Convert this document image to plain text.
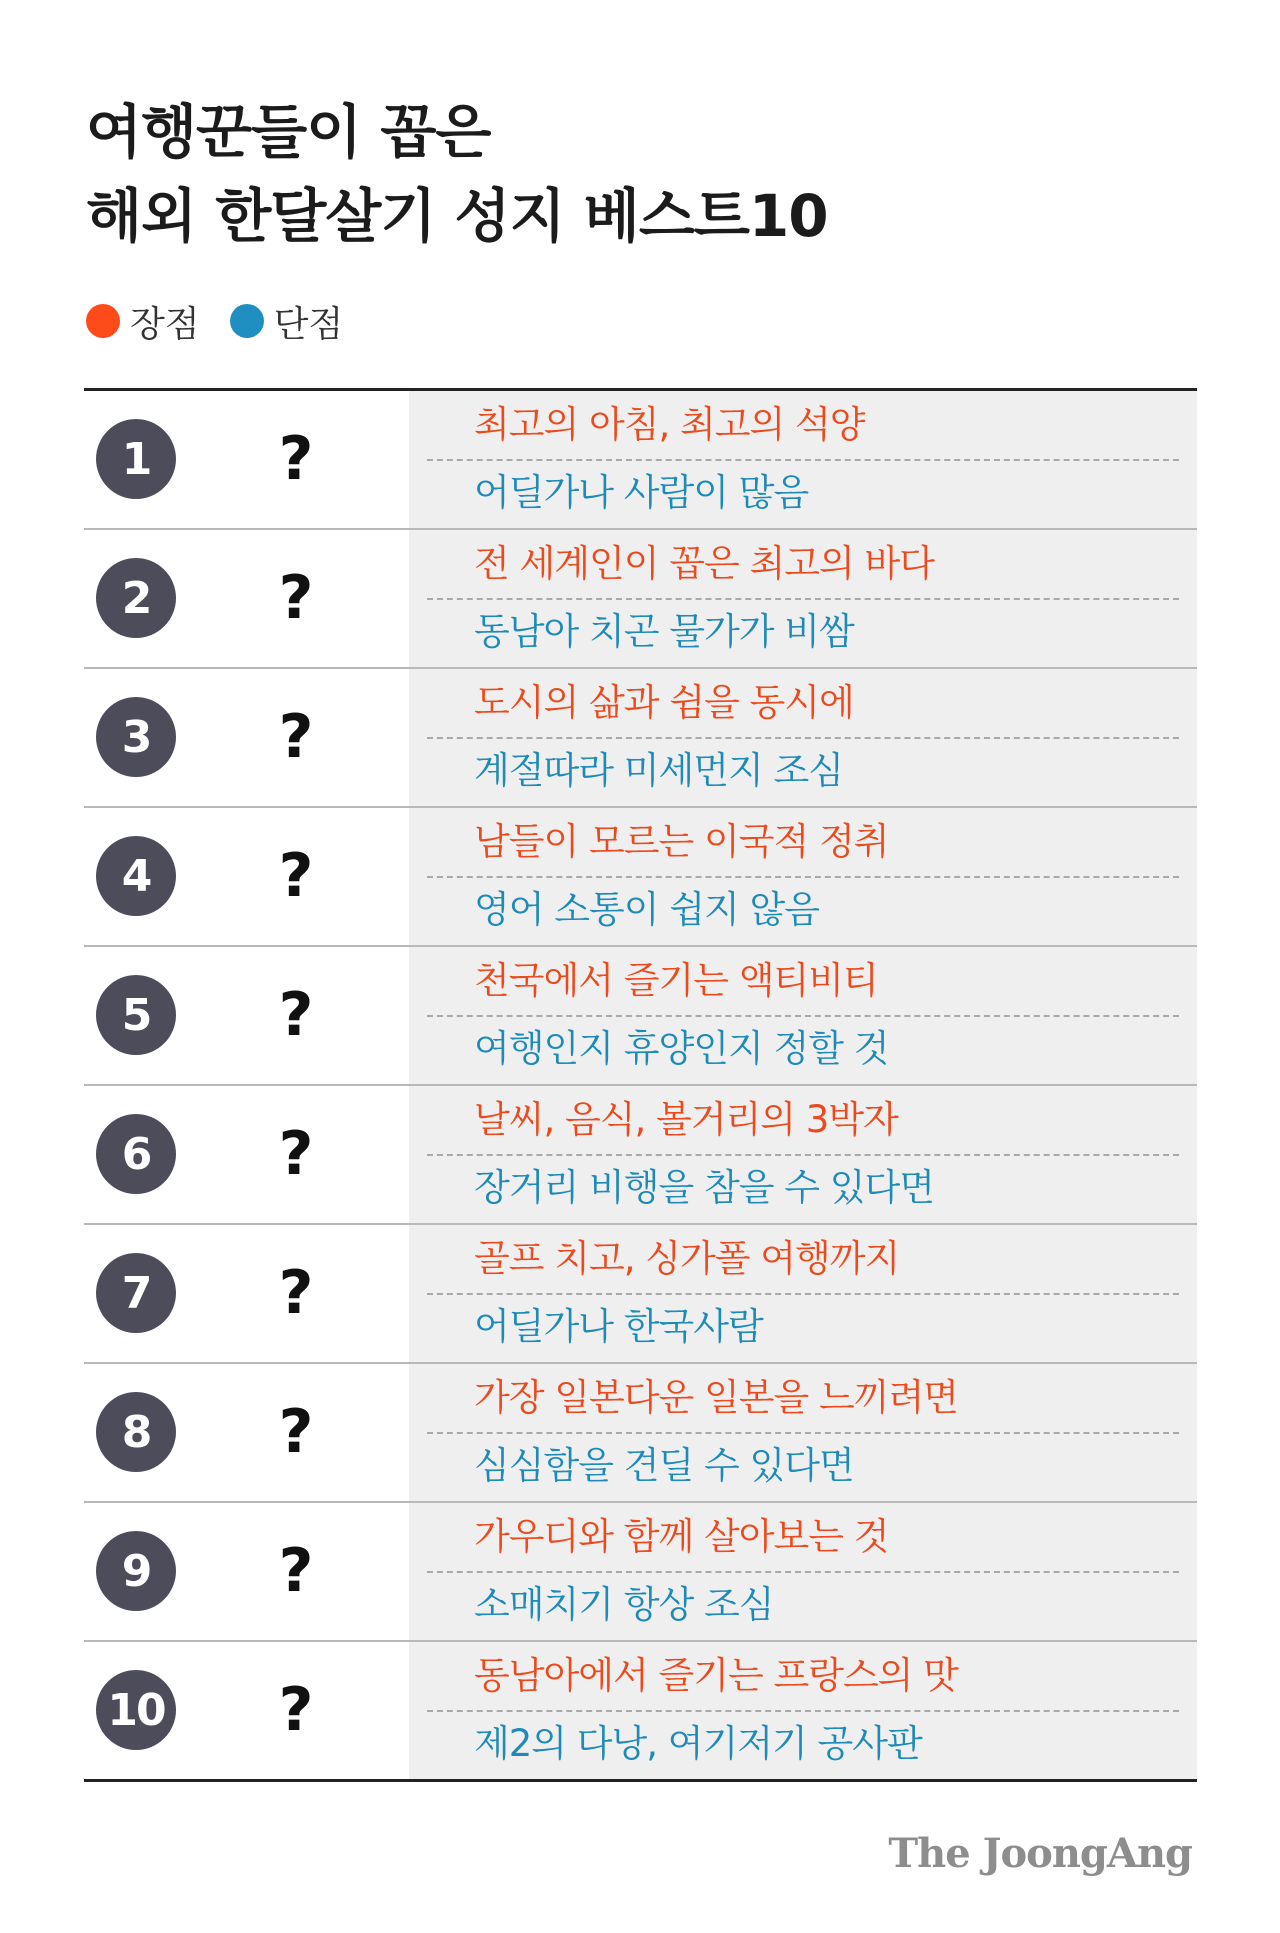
여행꾼들이 꼽은
해외 한달살기 성지 베스트10
장점 단점
1	?	최고의 아침, 최고의 석양
어딜가나 사람이 많음
2	?	전 세계인이 꼽은 최고의 바다
동남아 치곤 물가가 비쌈
3	?	도시의 삶과 쉼을 동시에
계절따라 미세먼지 조심
4	?	남들이 모르는 이국적 정취
영어 소통이 쉽지 않음
5	?	천국에서 즐기는 액티비티
여행인지 휴양인지 정할 것
6	?	날씨, 음식, 볼거리의 3박자
장거리 비행을 참을 수 있다면
7	?	골프 치고, 싱가폴 여행까지
어딜가나 한국사람
8	?	가장 일본다운 일본을 느끼려면
심심함을 견딜 수 있다면
9	?	가우디와 함께 살아보는 것
소매치기 항상 조심
10 ?	동남아에서 즐기는 프랑스의 맛
제2의 다낭, 여기저기 공사판
The JoongAng
